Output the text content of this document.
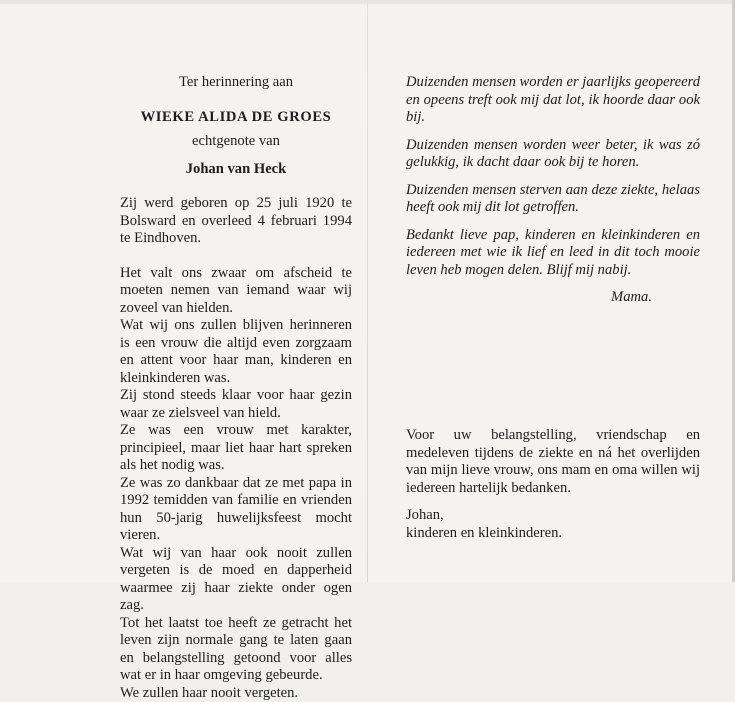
Ter herinnering aan
WIEKE ALIDA DE GROES
echtgenote van
Johan van Heck
Zij werd geboren op 25 juli 1920 te Bolsward en overleed 4 februari 1994 te Eindhoven.
Het valt ons zwaar om afscheid te moeten nemen van iemand waar wij zoveel van hielden.
Wat wij ons zullen blijven herinneren is een vrouw die altijd even zorgzaam en attent voor haar man, kinderen en kleinkinderen was.
Zij stond steeds klaar voor haar gezin waar ze zielsveel van hield.
Ze was een vrouw met karakter, principieel, maar liet haar hart spreken als het nodig was.
Ze was zo dankbaar dat ze met papa in 1992 temidden van familie en vrienden hun 50-jarig huwelijksfeest mocht vieren.
Wat wij van haar ook nooit zullen vergeten is de moed en dapperheid waarmee zij haar ziekte onder ogen zag.
Tot het laatst toe heeft ze getracht het leven zijn normale gang te laten gaan en belangstelling getoond voor alles wat er in haar omgeving gebeurde.
We zullen haar nooit vergeten.
Duizenden mensen worden er jaarlijks geopereerd en opeens treft ook mij dat lot, ik hoorde daar ook bij.
Duizenden mensen worden weer beter, ik was zó gelukkig, ik dacht daar ook bij te horen.
Duizenden mensen sterven aan deze ziekte, helaas heeft ook mij dit lot getroffen.
Bedankt lieve pap, kinderen en kleinkinderen en iedereen met wie ik lief en leed in dit toch mooie leven heb mogen delen. Blijf mij nabij.
Mama.
Voor uw belangstelling, vriendschap en medeleven tijdens de ziekte en ná het overlijden van mijn lieve vrouw, ons mam en oma willen wij iedereen hartelijk bedanken.
Johan,
kinderen en kleinkinderen.
